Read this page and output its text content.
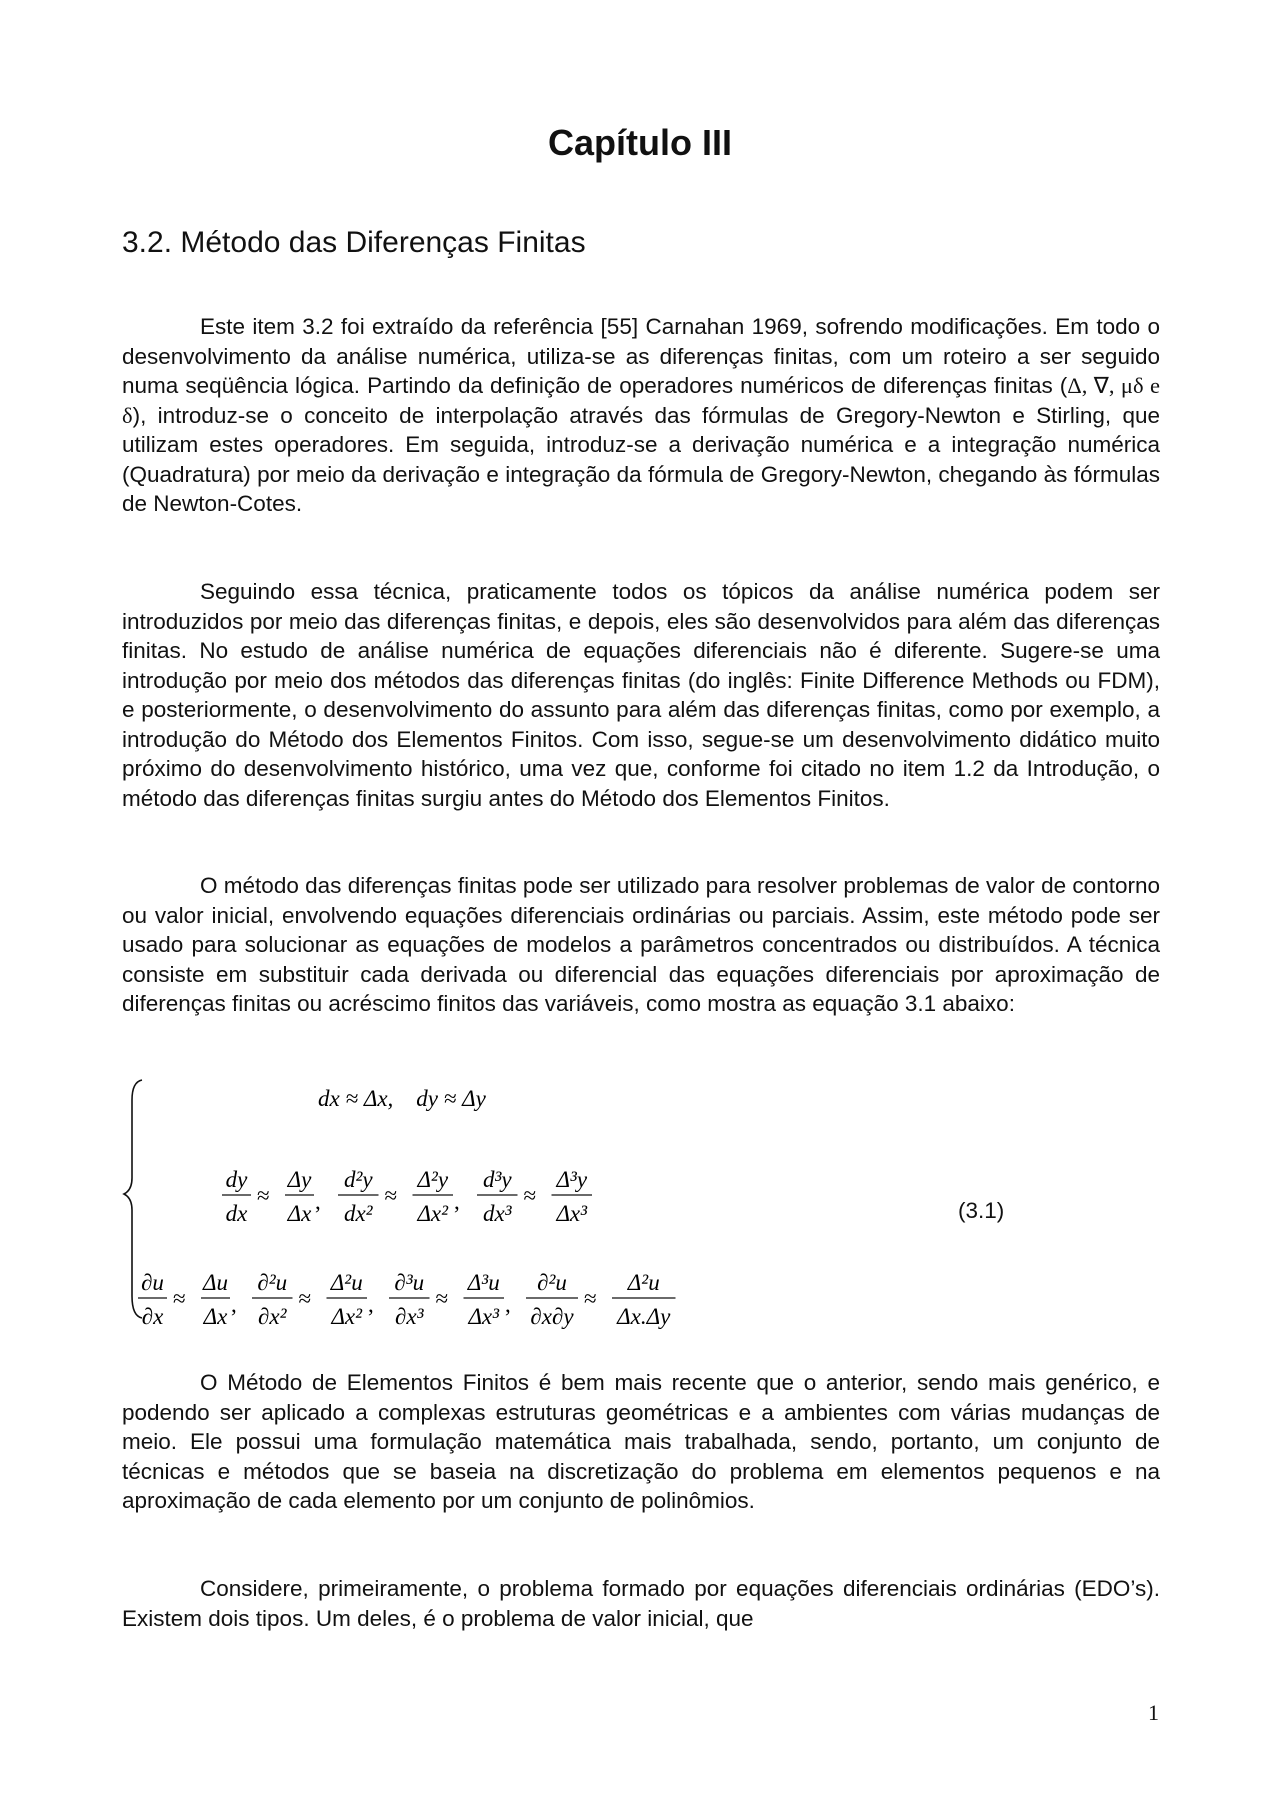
Capítulo III
3.2. Método das Diferenças Finitas

Este item 3.2 foi extraído da referência [55] Carnahan 1969, sofrendo modificações. Em todo o desenvolvimento da análise numérica, utiliza-se as diferenças finitas, com um roteiro a ser seguido numa seqüência lógica. Partindo da definição de operadores numéricos de diferenças finitas (Δ, ∇, μδ e δ), introduz-se o conceito de interpolação através das fórmulas de Gregory-Newton e Stirling, que utilizam estes operadores. Em seguida, introduz-se a derivação numérica e a integração numérica (Quadratura) por meio da derivação e integração da fórmula de Gregory-Newton, chegando às fórmulas de Newton-Cotes.

Seguindo essa técnica, praticamente todos os tópicos da análise numérica podem ser introduzidos por meio das diferenças finitas, e depois, eles são desenvolvidos para além das diferenças finitas. No estudo de análise numérica de equações diferenciais não é diferente. Sugere-se uma introdução por meio dos métodos das diferenças finitas (do inglês: Finite Difference Methods ou FDM), e posteriormente, o desenvolvimento do assunto para além das diferenças finitas, como por exemplo, a introdução do Método dos Elementos Finitos. Com isso, segue-se um desenvolvimento didático muito próximo do desenvolvimento histórico, uma vez que, conforme foi citado no item 1.2 da Introdução, o método das diferenças finitas surgiu antes do Método dos Elementos Finitos.

O método das diferenças finitas pode ser utilizado para resolver problemas de valor de contorno ou valor inicial, envolvendo equações diferenciais ordinárias ou parciais. Assim, este método pode ser usado para solucionar as equações de modelos a parâmetros concentrados ou distribuídos. A técnica consiste em substituir cada derivada ou diferencial das equações diferenciais por aproximação de diferenças finitas ou acréscimo finitos das variáveis, como mostra as equação 3.1 abaixo:

dx ≈ Δx,    dy ≈ Δy
dy
dx
≈
Δy
Δx ,
d²y
dx²
≈
Δ²y
Δx² ,
d³y
dx³
≈
Δ³y
Δx³
∂u
∂x
≈
Δu
Δx ,
∂²u
∂x²
≈
Δ²u
Δx² ,
∂³u
∂x³
≈
Δ³u
Δx³ ,
∂²u
∂x∂y
≈
Δ²u
Δx.Δy
(3.1)

O Método de Elementos Finitos é bem mais recente que o anterior, sendo mais genérico, e podendo ser aplicado a complexas estruturas geométricas e a ambientes com várias mudanças de meio. Ele possui uma formulação matemática mais trabalhada, sendo, portanto, um conjunto de técnicas e métodos que se baseia na discretização do problema em elementos pequenos e na aproximação de cada elemento por um conjunto de polinômios.

Considere, primeiramente, o problema formado por equações diferenciais ordinárias (EDO’s). Existem dois tipos. Um deles, é o problema de valor inicial, que

1
